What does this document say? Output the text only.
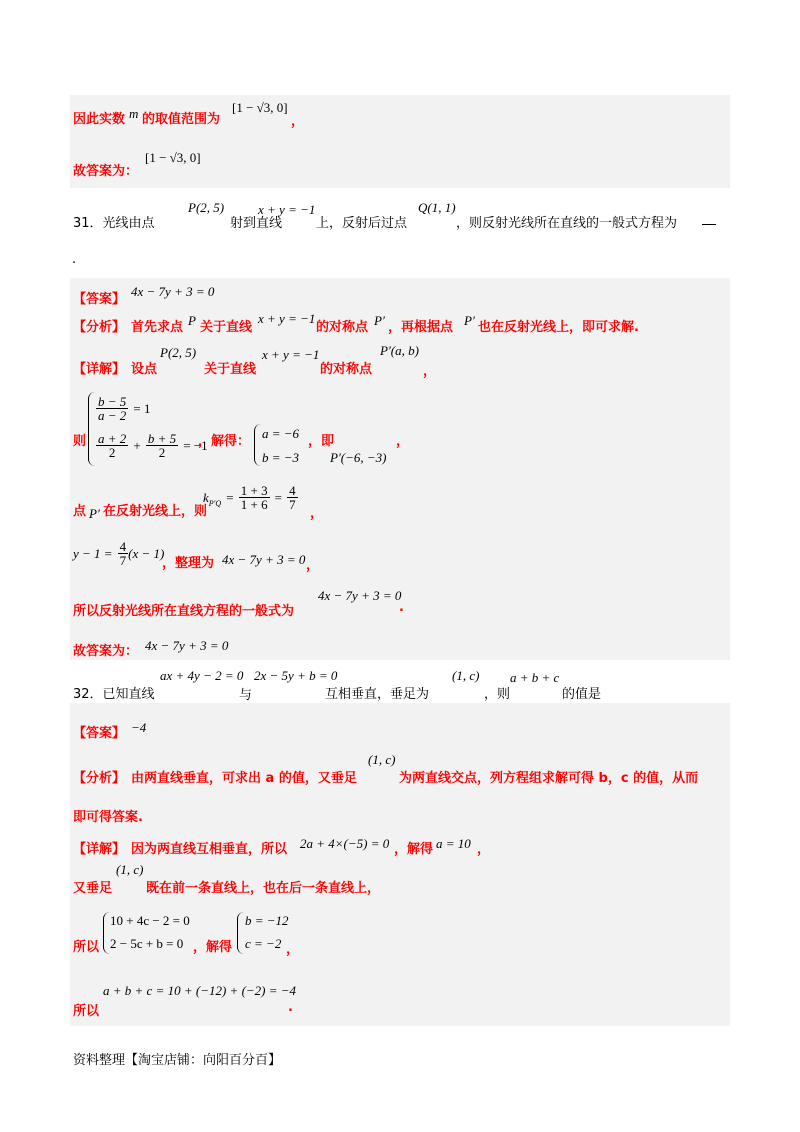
因此实数 m 的取值范围为
[1 − √3, 0]
，
故答案为：
[1 − √3, 0]
31．光线由点
P(2, 5)
射到直线
x + y = −1
上，反射后过点
Q(1, 1)
，则反射光线所在直线的一般式方程为
.
【答案】
4x − 7y + 3 = 0
【分析】 首先求点 P 关于直线
x + y = −1
的对称点 P′ ，再根据点 P′ 也在反射光线上，即可求解.
【详解】 设点
P(2, 5)
关于直线
x + y = −1
的对称点
P′(a, b)
，
则
$\frac{b - 5}{a - 2} = 1$
$\frac{a + 2}{2} + \frac{b + 5}{2} = -1$
，解得：
a = −6
b = −3
，即
P′(−6, −3)
，
点 P′ 在反射光线上，则
$k_{P'Q} = \frac{1 + 3}{1 + 6} = \frac{4}{7}$
，
$y - 1 = \frac{4}{7} (x - 1)$
，整理为 4x − 7y + 3 = 0 ，
所以反射光线所在直线方程的一般式为
4x − 7y + 3 = 0
.
故答案为： 4x − 7y + 3 = 0
32．已知直线
ax + 4y − 2 = 0
与
2x − 5y + b = 0
互相垂直，垂足为
(1, c)
，则
a + b + c
的值是
【答案】 −4
【分析】 由两直线垂直，可求出 a 的值，又垂足
(1, c)
为两直线交点，列方程组求解可得 b，c 的值，从而
即可得答案.
【详解】 因为两直线互相垂直，所以 2a + 4×(−5) = 0 ，解得 a = 10 ，
又垂足
(1, c)
既在前一条直线上，也在后一条直线上，
所以
10 + 4c − 2 = 0
2 − 5c + b = 0 ，解得
b = −12
c = −2 ，
所以
a + b + c = 10 + (−12) + (−2) = −4
.
资料整理【淘宝店铺：向阳百分百】
